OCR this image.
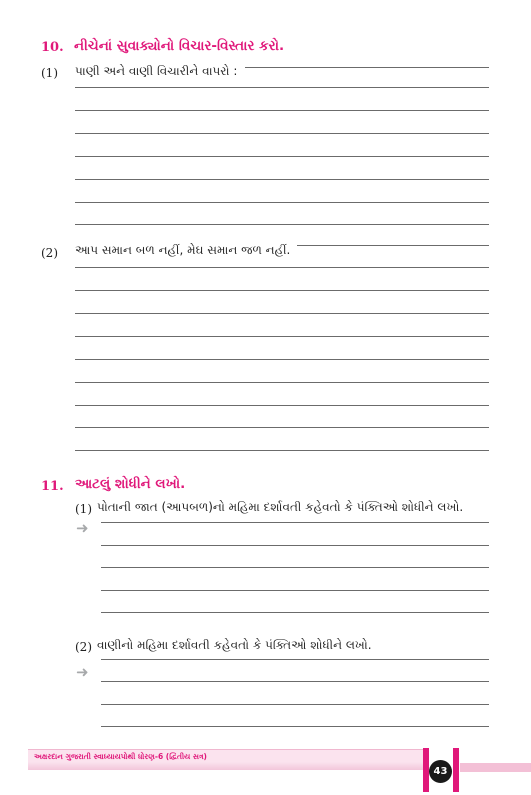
10. નીચેનાં સુવાક્યોનો વિચાર-વિસ્તાર કરો.
(1) પાણી અને વાણી વિચારીને વાપરો :
(2) આપ સમાન બળ નહીં, મેઘ સમાન જળ નહીં.
11. આટલું શોધીને લખો.
(1) પોતાની જાત (આપબળ)નો મહિમા દર્શાવતી કહેવતો કે પંક્તિઓ શોધીને લખો.
➜
(2) વાણીનો મહિમા દર્શાવતી કહેવતો કે પંક્તિઓ શોધીને લખો.
➜
અક્ષરદાન ગુજરાતી સ્વાધ્યાયપોથી ધોરણ-6 (દ્વિતીય સત્ર)
43
